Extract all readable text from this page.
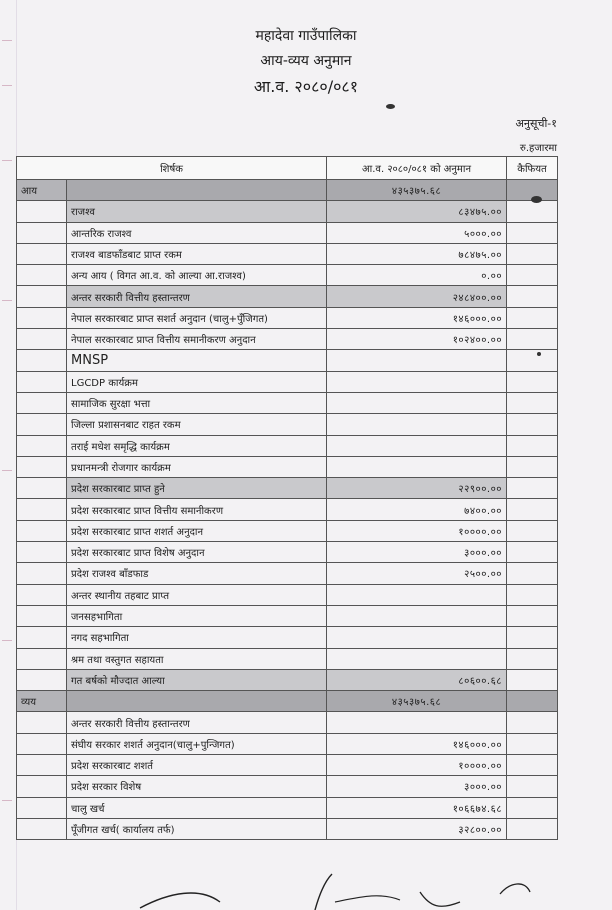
महादेवा गाउँपालिका
आय-व्यय अनुमान
आ.व. २०८०/०८१
अनुसूची-१
रु.हजारमा
शिर्षक		आ.व. २०८०/०८१ को अनुमान	कैफियत
आय		४३५३७५.६८	
	राजश्व	८३४७५.००	
	आन्तरिक राजश्व	५०००.००	
	राजश्व बाडफाँडबाट प्राप्त रकम	७८४७५.००	
	अन्य आय ( विगत आ.व. को आल्या आ.राजश्व)	०.००	
	अन्तर सरकारी वित्तीय हस्तान्तरण	२४८४००.००	
	नेपाल सरकारबाट प्राप्त सशर्त अनुदान (चालु+पुँजिगत)	१४६०००.००	
	नेपाल सरकारबाट प्राप्त वित्तीय समानीकरण अनुदान	१०२४००.००	
	MNSP		
	LGCDP कार्यक्रम		
	सामाजिक सुरक्षा भत्ता		
	जिल्ला प्रशासनबाट राहत रकम		
	तराई मधेश समृद्धि कार्यक्रम		
	प्रधानमन्त्री रोजगार कार्यक्रम		
	प्रदेश सरकारबाट प्राप्त हुने	२२९००.००	
	प्रदेश सरकारबाट प्राप्त वित्तीय समानीकरण	७४००.००	
	प्रदेश सरकारबाट प्राप्त शशर्त अनुदान	१००००.००	
	प्रदेश सरकारबाट प्राप्त विशेष अनुदान	३०००.००	
	प्रदेश राजश्व बाँडफाड	२५००.००	
	अन्तर स्थानीय तहबाट प्राप्त		
	जनसहभागिता		
	नगद सहभागिता		
	श्रम तथा वस्तुगत सहायता		
	गत बर्षको मौज्दात आल्या	८०६००.६८	
व्यय		४३५३७५.६८	
	अन्तर सरकारी वित्तीय हस्तान्तरण		
	संघीय सरकार शशर्त अनुदान(चालु+पुन्जिगत)	१४६०००.००	
	प्रदेश सरकारबाट शशर्त	१००००.००	
	प्रदेश सरकार विशेष	३०००.००	
	चालु खर्च	१०६६७४.६८	
	पूँजीगत खर्च( कार्यालय तर्फ)	३२८००.००	
